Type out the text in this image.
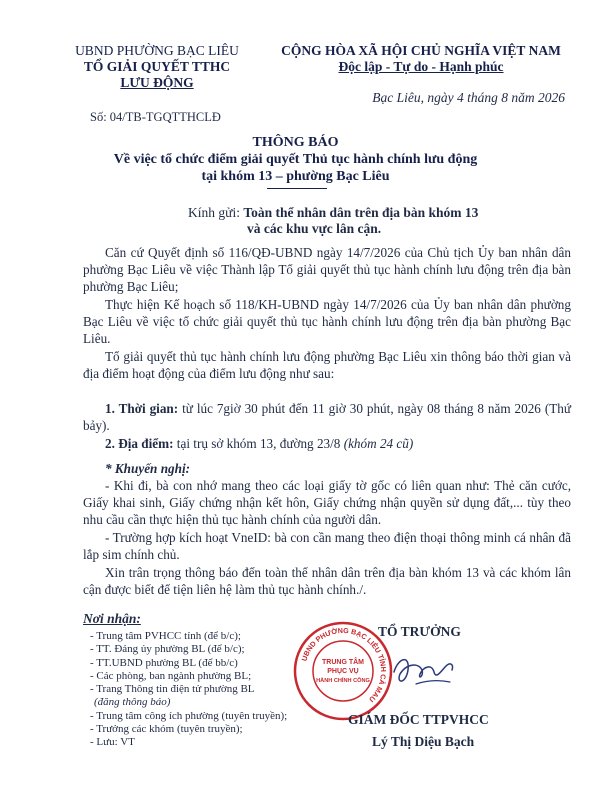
UBND PHƯỜNG BẠC LIÊU
TỔ GIẢI QUYẾT TTHC
LƯU ĐỘNG
CỘNG HÒA XÃ HỘI CHỦ NGHĨA VIỆT NAM
Độc lập - Tự do - Hạnh phúc
Số: 04/TB-TGQTTHCLĐ
Bạc Liêu, ngày 4 tháng 8 năm 2026
THÔNG BÁO
Về việc tổ chức điểm giải quyết Thủ tục hành chính lưu động
tại khóm 13 – phường Bạc Liêu
Kính gửi: Toàn thể nhân dân trên địa bàn khóm 13
và các khu vực lân cận.
Căn cứ Quyết định số 116/QĐ-UBND ngày 14/7/2026 của Chủ tịch Ủy ban nhân dân phường Bạc Liêu về việc Thành lập Tổ giải quyết thủ tục hành chính lưu động trên địa bàn phường Bạc Liêu;
Thực hiện Kế hoạch số 118/KH-UBND ngày 14/7/2026 của Ủy ban nhân dân phường Bạc Liêu về việc tổ chức giải quyết thủ tục hành chính lưu động trên địa bàn phường Bạc Liêu.
Tổ giải quyết thủ tục hành chính lưu động phường Bạc Liêu xin thông báo thời gian và địa điểm hoạt động của điểm lưu động như sau:
1. Thời gian: từ lúc 7giờ 30 phút đến 11 giờ 30 phút, ngày 08 tháng 8 năm 2026 (Thứ bảy).
2. Địa điểm: tại trụ sở khóm 13, đường 23/8 (khóm 24 cũ)
* Khuyến nghị:
- Khi đi, bà con nhớ mang theo các loại giấy tờ gốc có liên quan như: Thẻ căn cước, Giấy khai sinh, Giấy chứng nhận kết hôn, Giấy chứng nhận quyền sử dụng đất,... tùy theo nhu cầu cần thực hiện thủ tục hành chính của người dân.
- Trường hợp kích hoạt VneID: bà con cần mang theo điện thoại thông minh cá nhân đã lắp sim chính chủ.
Xin trân trọng thông báo đến toàn thể nhân dân trên địa bàn khóm 13 và các khóm lân cận được biết để tiện liên hệ làm thủ tục hành chính./.
Nơi nhận:
- Trung tâm PVHCC tỉnh (để b/c);
- TT. Đảng ủy phường BL (để b/c);
- TT.UBND phường BL (để bb/c)
- Các phòng, ban ngành phường BL;
- Trang Thông tin điện tử phường BL
(đăng thông báo)
- Trung tâm công ích phường (tuyên truyền);
- Trưởng các khóm (tuyên truyền);
- Lưu: VT
TỔ TRƯỞNG
UBND PHƯỜNG BẠC LIÊU TỈNH CÀ MAU
TRUNG TÂM
PHỤC VỤ
HÀNH CHÍNH CÔNG
GIÁM ĐỐC TTPVHCC
Lý Thị Diệu Bạch
